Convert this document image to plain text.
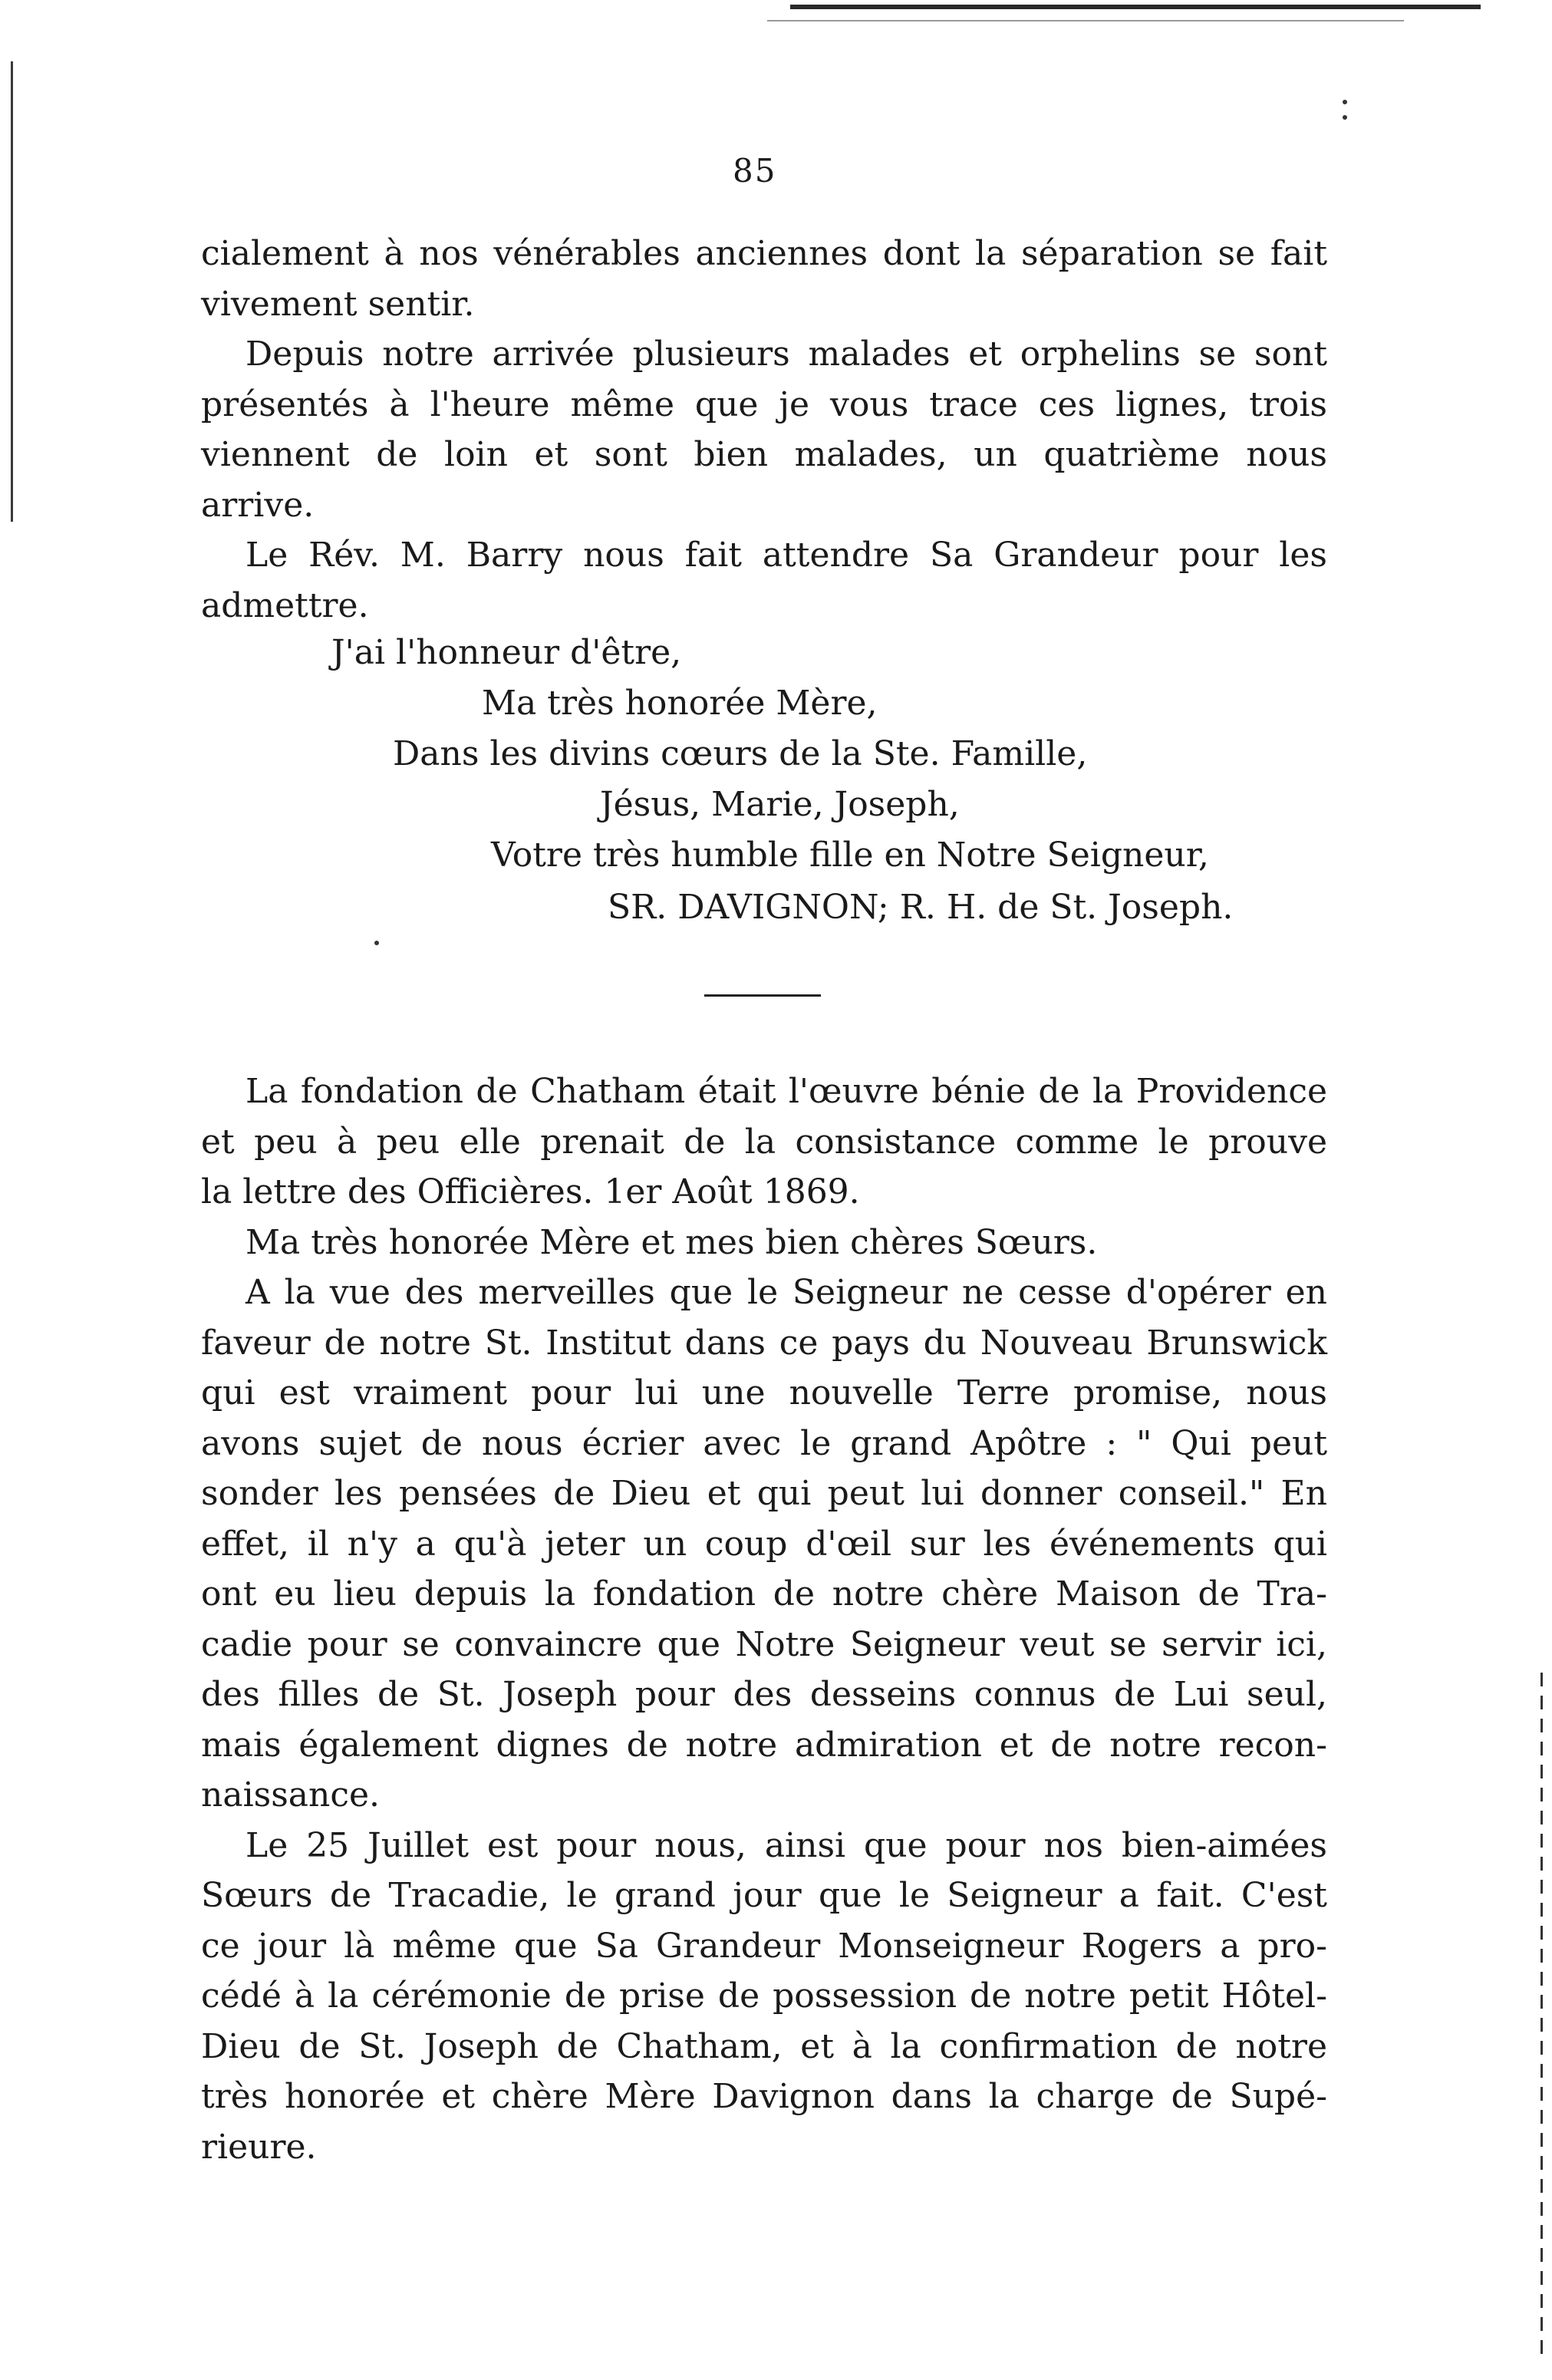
85
cialement à nos vénérables anciennes dont la séparation se fait
vivement sentir.
Depuis notre arrivée plusieurs malades et orphelins se sont
présentés à l'heure même que je vous trace ces lignes, trois
viennent de loin et sont bien malades, un quatrième nous
arrive.
Le Rév. M. Barry nous fait attendre Sa Grandeur pour les
admettre.
J'ai l'honneur d'être,
Ma très honorée Mère,
Dans les divins cœurs de la Ste. Famille,
Jésus, Marie, Joseph,
Votre très humble fille en Notre Seigneur,
SR. DAVIGNON; R. H. de St. Joseph.
La fondation de Chatham était l'œuvre bénie de la Providence
et peu à peu elle prenait de la consistance comme le prouve
la lettre des Officières. 1er Août 1869.
Ma très honorée Mère et mes bien chères Sœurs.
A la vue des merveilles que le Seigneur ne cesse d'opérer en
faveur de notre St. Institut dans ce pays du Nouveau Brunswick
qui est vraiment pour lui une nouvelle Terre promise, nous
avons sujet de nous écrier avec le grand Apôtre : " Qui peut
sonder les pensées de Dieu et qui peut lui donner conseil." En
effet, il n'y a qu'à jeter un coup d'œil sur les événements qui
ont eu lieu depuis la fondation de notre chère Maison de Tra-
cadie pour se convaincre que Notre Seigneur veut se servir ici,
des filles de St. Joseph pour des desseins connus de Lui seul,
mais également dignes de notre admiration et de notre recon-
naissance.
Le 25 Juillet est pour nous, ainsi que pour nos bien-aimées
Sœurs de Tracadie, le grand jour que le Seigneur a fait. C'est
ce jour là même que Sa Grandeur Monseigneur Rogers a pro-
cédé à la cérémonie de prise de possession de notre petit Hôtel-
Dieu de St. Joseph de Chatham, et à la confirmation de notre
très honorée et chère Mère Davignon dans la charge de Supé-
rieure.
